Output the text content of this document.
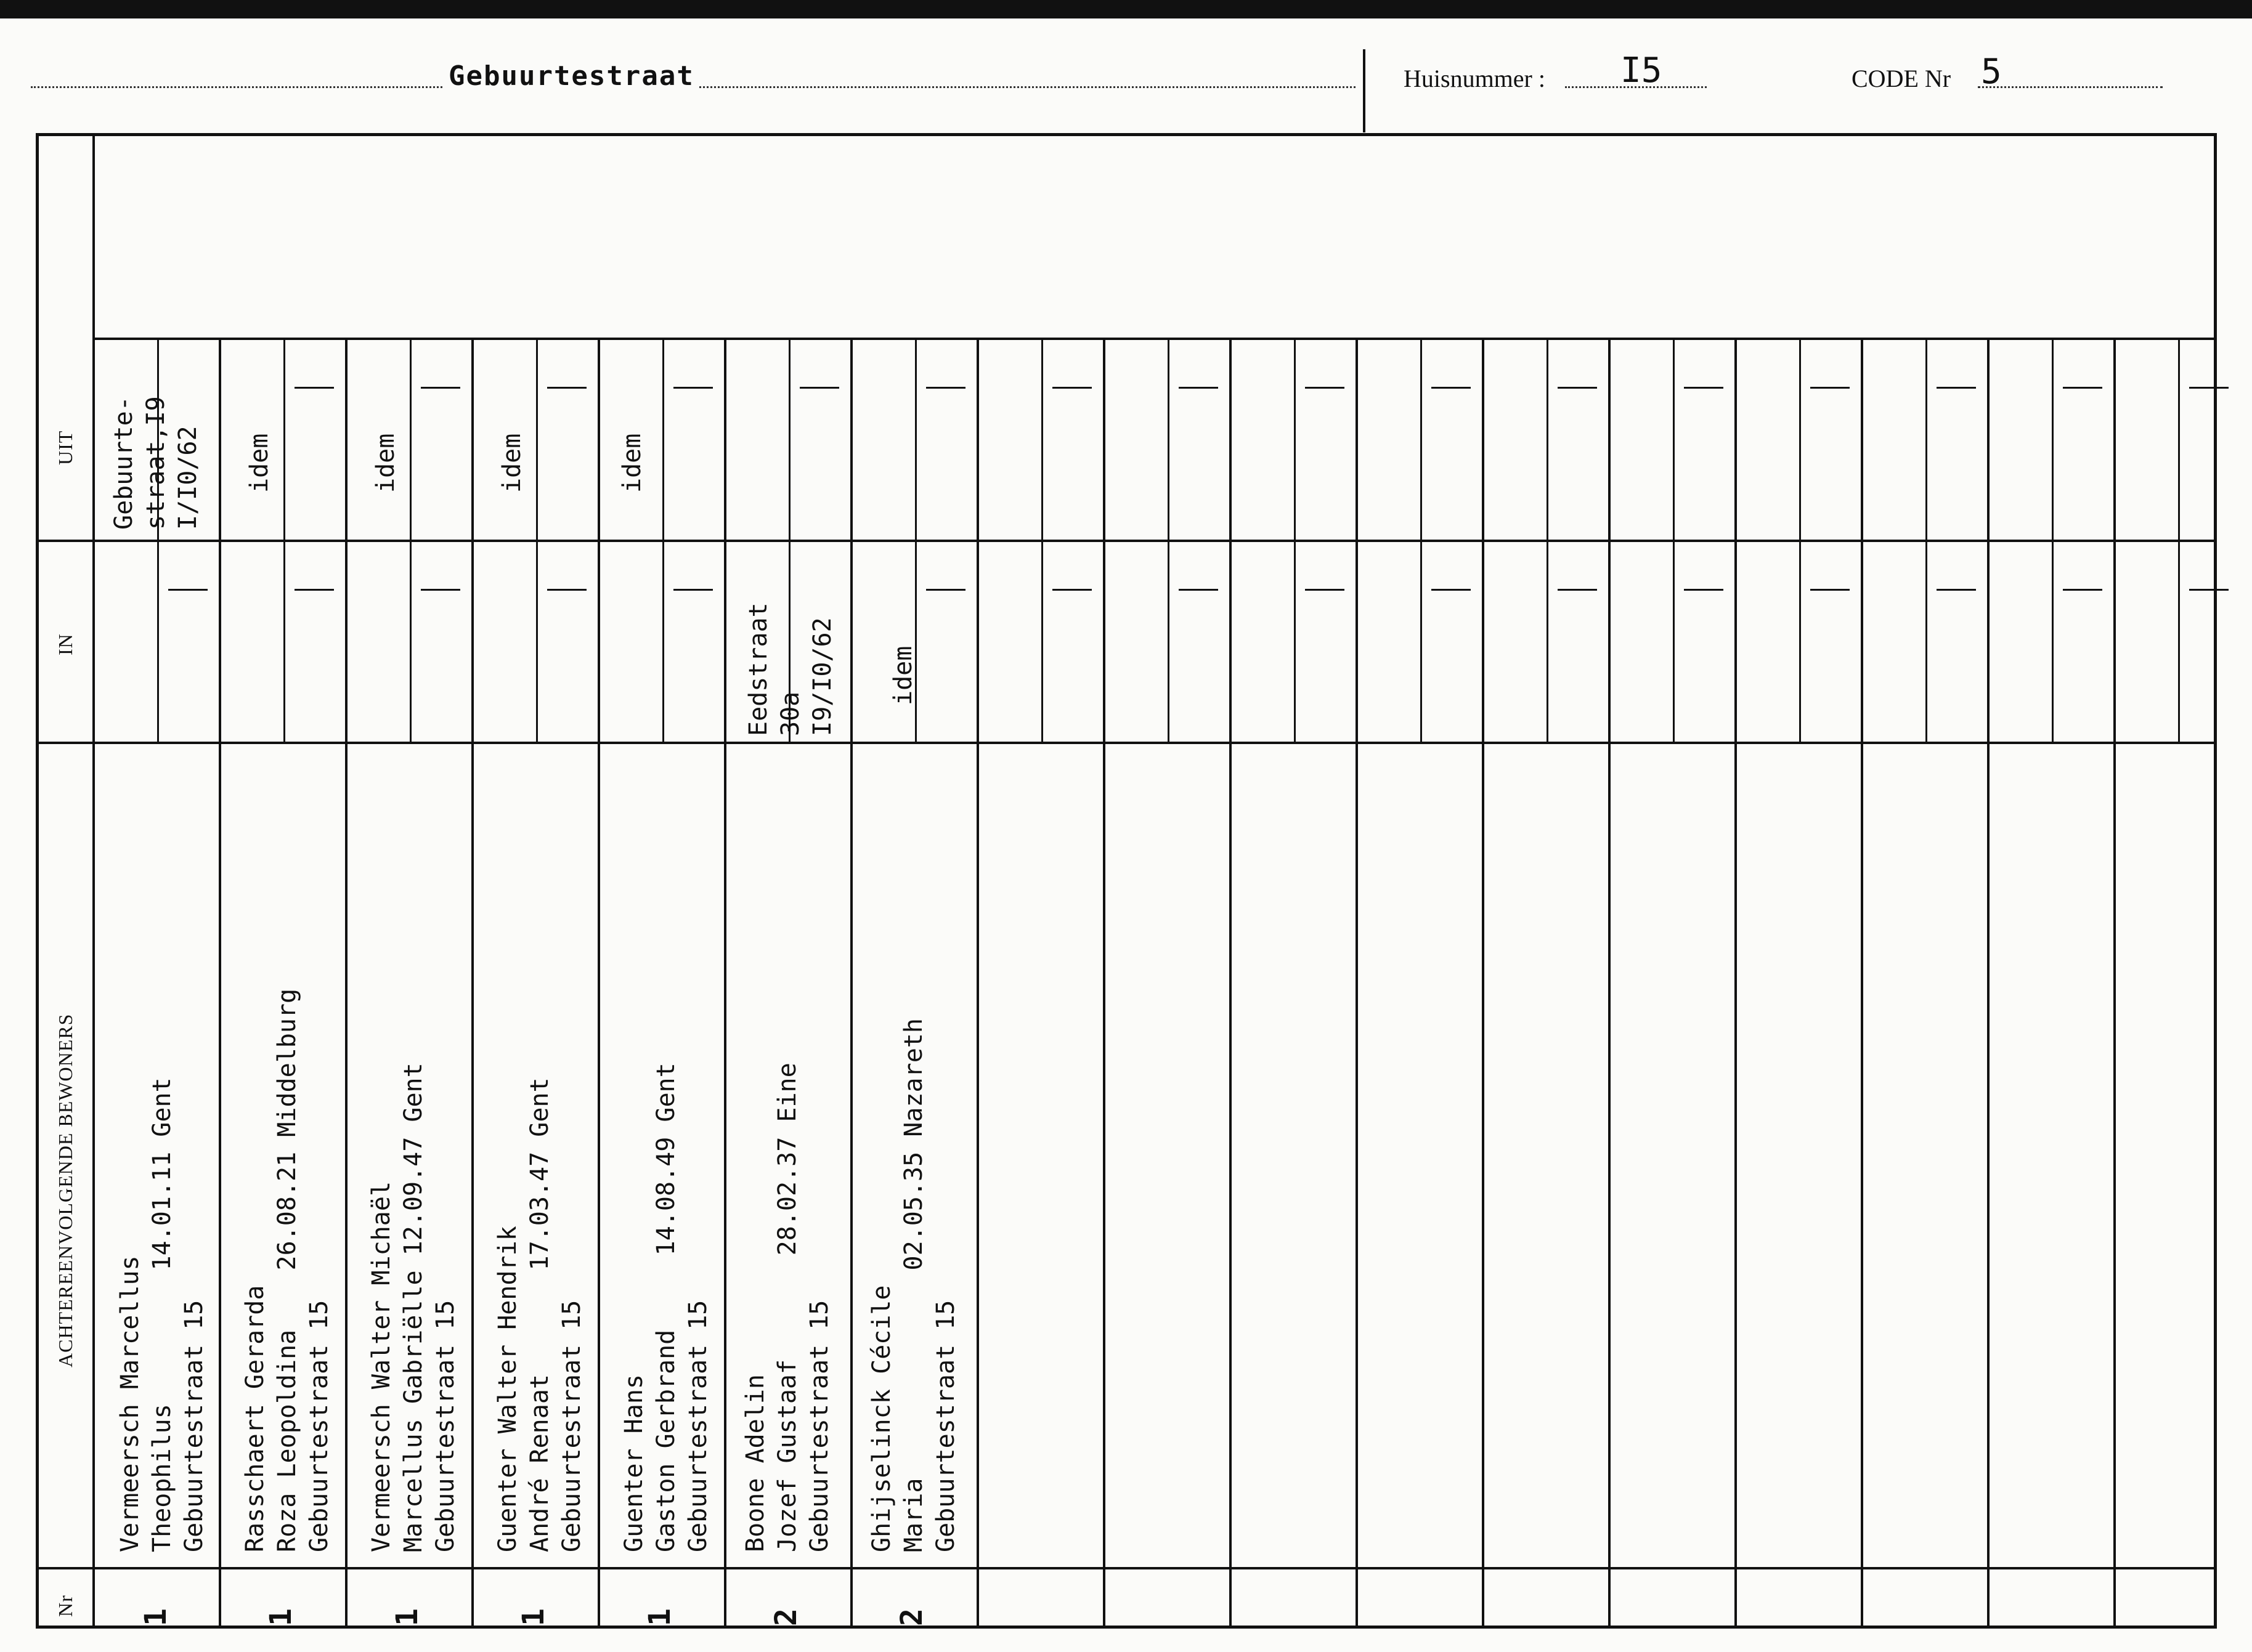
Gebuurtestraat	Huisnummer : I5	CODE Nr 5
UIT
IN
ACHTEREENVOLGENDE BEWONERS
Nr
Vermeersch Marcellus Theophilus         14.01.11 Gent Gebuurtestraat 15
1
Gebuurte- straat,I9 I/I0/62
Rasschaert Gerarda Roza Leopoldina    26.08.21 Middelburg Gebuurtestraat 15
1
idem
Vermeersch Walter Michaël Marcellus Gabriëlle 12.09.47 Gent Gebuurtestraat 15
1
idem
Guenter Walter Hendrik André Renaat       17.03.47 Gent Gebuurtestraat 15
1
idem
Guenter Hans Gaston Gerbrand     14.08.49 Gent Gebuurtestraat 15
1
idem
Boone Adelin Jozef Gustaaf       28.02.37 Eine Gebuurtestraat 15
2
Eedstraat 30a I9/I0/62
Ghijselinck Cécile Maria              02.05.35 Nazareth Gebuurtestraat 15
2
idem
